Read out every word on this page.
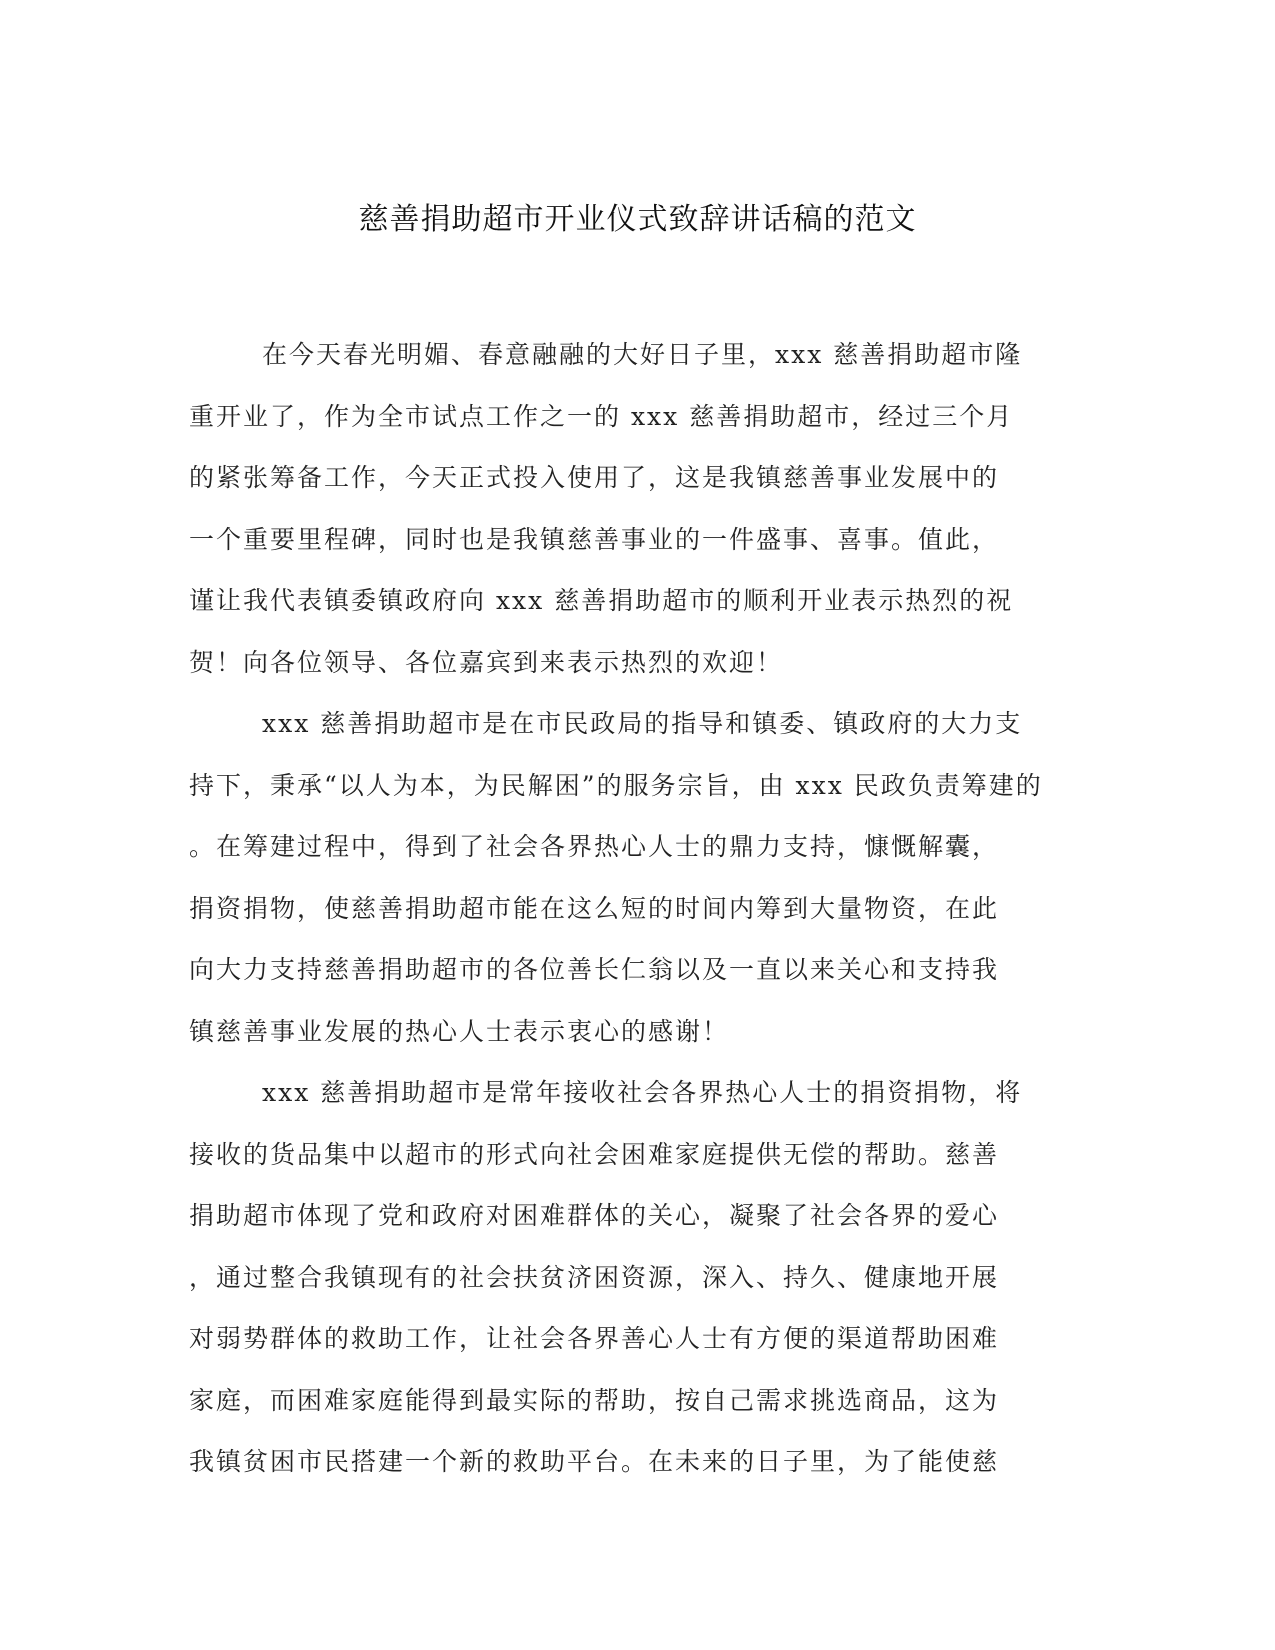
慈善捐助超市开业仪式致辞讲话稿的范文
在今天春光明媚、春意融融的大好日子里，xxx 慈善捐助超市隆
重开业了，作为全市试点工作之一的 xxx 慈善捐助超市，经过三个月
的紧张筹备工作，今天正式投入使用了，这是我镇慈善事业发展中的
一个重要里程碑，同时也是我镇慈善事业的一件盛事、喜事。值此，
谨让我代表镇委镇政府向 xxx 慈善捐助超市的顺利开业表示热烈的祝
贺！向各位领导、各位嘉宾到来表示热烈的欢迎！
xxx 慈善捐助超市是在市民政局的指导和镇委、镇政府的大力支
持下，秉承“以人为本，为民解困”的服务宗旨，由 xxx 民政负责筹建的
。在筹建过程中，得到了社会各界热心人士的鼎力支持，慷慨解囊，
捐资捐物，使慈善捐助超市能在这么短的时间内筹到大量物资，在此
向大力支持慈善捐助超市的各位善长仁翁以及一直以来关心和支持我
镇慈善事业发展的热心人士表示衷心的感谢！
xxx 慈善捐助超市是常年接收社会各界热心人士的捐资捐物，将
接收的货品集中以超市的形式向社会困难家庭提供无偿的帮助。慈善
捐助超市体现了党和政府对困难群体的关心，凝聚了社会各界的爱心
，通过整合我镇现有的社会扶贫济困资源，深入、持久、健康地开展
对弱势群体的救助工作，让社会各界善心人士有方便的渠道帮助困难
家庭，而困难家庭能得到最实际的帮助，按自己需求挑选商品，这为
我镇贫困市民搭建一个新的救助平台。在未来的日子里，为了能使慈
